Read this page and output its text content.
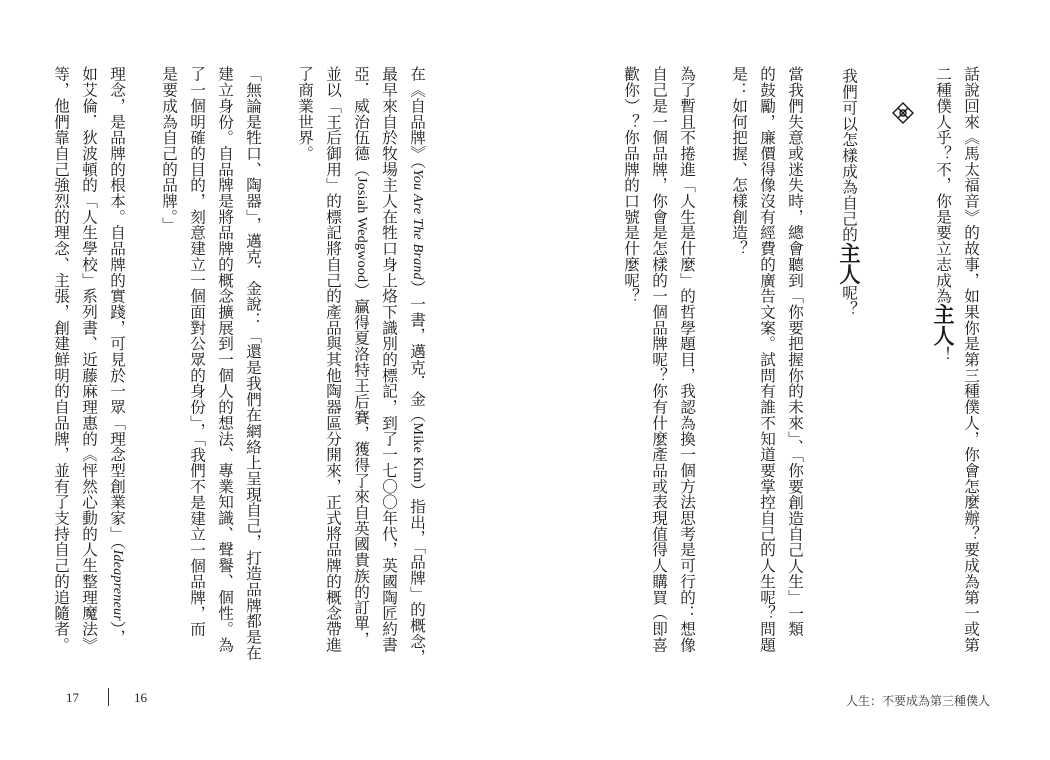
話說回來《馬太福音》的故事，如果你是第三種僕人，你會怎麼辦？要成為第一或第
二種僕人乎？不，你是要立志成為主人！
我們可以怎樣成為自己的主人呢？
當我們失意或迷失時，總會聽到「你要把握你的未來」、「你要創造自己人生」一類
的鼓勵，廉價得像沒有經費的廣告文案。試問有誰不知道要掌控自己的人生呢？問題
是：如何把握、怎樣創造？
為了暫且不捲進「人生是什麼」的哲學題目，我認為換一個方法思考是可行的：想像
自己是一個品牌，你會是怎樣的一個品牌呢？你有什麼產品或表現值得人購買（即喜
歡你）？你品牌的口號是什麼呢？
在《自品牌》（You Are The Brand）一書，邁克．金（Mike Kim）指出，「品牌」的概念，
最早來自於牧場主人在牲口身上烙下識別的標記，到了一七〇〇年代，英國陶匠約書
亞．威治伍德（Josiah Wedgwood）贏得夏洛特王后賽，獲得了來自英國貴族的訂單，
並以「王后御用」的標記將自己的產品與其他陶器區分開來，正式將品牌的概念帶進
了商業世界。
「無論是牲口、陶器」，邁克．金說：「還是我們在網絡上呈現自己，打造品牌都是在
建立身份。自品牌是將品牌的概念擴展到一個人的想法、專業知識、聲譽、個性。為
了一個明確的目的，刻意建立一個面對公眾的身份」，「我們不是建立一個品牌，而
是要成為自己的品牌。」
理念，是品牌的根本。自品牌的實踐，可見於一眾「理念型創業家」（Ideapreneur），
如艾倫．狄波頓的「人生學校」系列書、近藤麻理惠的《怦然心動的人生整理魔法》
等，他們靠自己強烈的理念、主張，創建鮮明的自品牌，並有了支持自己的追隨者。
17	16	人生：不要成為第三種僕人
